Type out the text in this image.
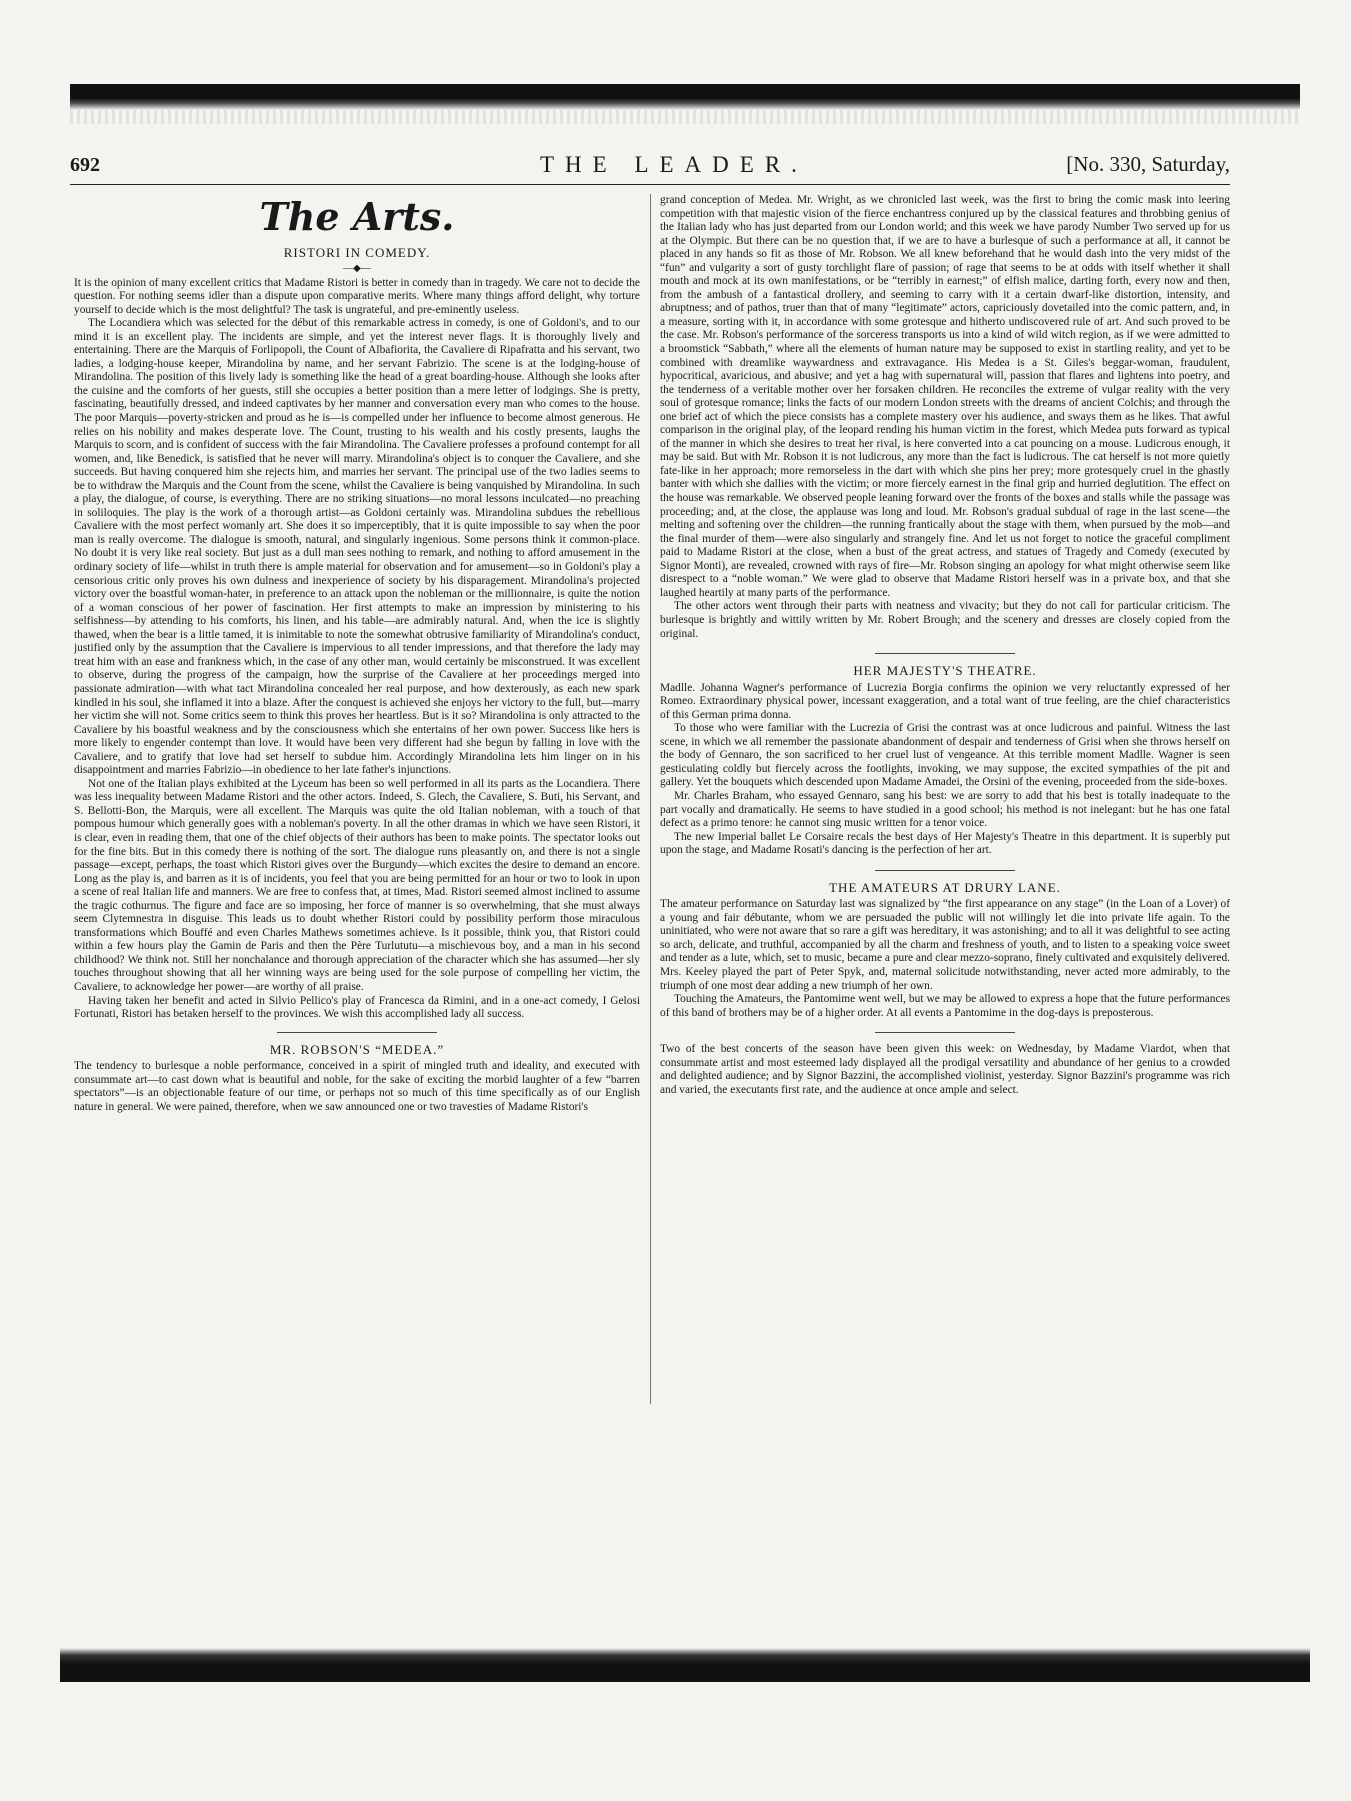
692	THE LEADER.	[No. 330, Saturday,
The Arts.
RISTORI IN COMEDY.
—◆—

It is the opinion of many excellent critics that Madame Ristori is better in comedy than in tragedy. We care not to decide the question. For nothing seems idler than a dispute upon comparative merits. Where many things afford delight, why torture yourself to decide which is the most delightful? The task is ungrateful, and pre-eminently useless.

The Locandiera which was selected for the début of this remarkable actress in comedy, is one of Goldoni's, and to our mind it is an excellent play. The incidents are simple, and yet the interest never flags. It is thoroughly lively and entertaining. There are the Marquis of Forlipopoli, the Count of Albafiorita, the Cavaliere di Ripafratta and his servant, two ladies, a lodging-house keeper, Mirandolina by name, and her servant Fabrizio. The scene is at the lodging-house of Mirandolina. The position of this lively lady is something like the head of a great boarding-house. Although she looks after the cuisine and the comforts of her guests, still she occupies a better position than a mere letter of lodgings. She is pretty, fascinating, beautifully dressed, and indeed captivates by her manner and conversation every man who comes to the house. The poor Marquis—poverty-stricken and proud as he is—is compelled under her influence to become almost generous. He relies on his nobility and makes desperate love. The Count, trusting to his wealth and his costly presents, laughs the Marquis to scorn, and is confident of success with the fair Mirandolina. The Cavaliere professes a profound contempt for all women, and, like Benedick, is satisfied that he never will marry. Mirandolina's object is to conquer the Cavaliere, and she succeeds. But having conquered him she rejects him, and marries her servant. The principal use of the two ladies seems to be to withdraw the Marquis and the Count from the scene, whilst the Cavaliere is being vanquished by Mirandolina. In such a play, the dialogue, of course, is everything. There are no striking situations—no moral lessons inculcated—no preaching in soliloquies. The play is the work of a thorough artist—as Goldoni certainly was. Mirandolina subdues the rebellious Cavaliere with the most perfect womanly art. She does it so imperceptibly, that it is quite impossible to say when the poor man is really overcome. The dialogue is smooth, natural, and singularly ingenious. Some persons think it common-place. No doubt it is very like real society. But just as a dull man sees nothing to remark, and nothing to afford amusement in the ordinary society of life—whilst in truth there is ample material for observation and for amusement—so in Goldoni's play a censorious critic only proves his own dulness and inexperience of society by his disparagement. Mirandolina's projected victory over the boastful woman-hater, in preference to an attack upon the nobleman or the millionnaire, is quite the notion of a woman conscious of her power of fascination. Her first attempts to make an impression by ministering to his selfishness—by attending to his comforts, his linen, and his table—are admirably natural. And, when the ice is slightly thawed, when the bear is a little tamed, it is inimitable to note the somewhat obtrusive familiarity of Mirandolina's conduct, justified only by the assumption that the Cavaliere is impervious to all tender impressions, and that therefore the lady may treat him with an ease and frankness which, in the case of any other man, would certainly be misconstrued. It was excellent to observe, during the progress of the campaign, how the surprise of the Cavaliere at her proceedings merged into passionate admiration—with what tact Mirandolina concealed her real purpose, and how dexterously, as each new spark kindled in his soul, she inflamed it into a blaze. After the conquest is achieved she enjoys her victory to the full, but—marry her victim she will not. Some critics seem to think this proves her heartless. But is it so? Mirandolina is only attracted to the Cavaliere by his boastful weakness and by the consciousness which she entertains of her own power. Success like hers is more likely to engender contempt than love. It would have been very different had she begun by falling in love with the Cavaliere, and to gratify that love had set herself to subdue him. Accordingly Mirandolina lets him linger on in his disappointment and marries Fabrizio—in obedience to her late father's injunctions.

Not one of the Italian plays exhibited at the Lyceum has been so well performed in all its parts as the Locandiera. There was less inequality between Madame Ristori and the other actors. Indeed, S. Glech, the Cavaliere, S. Buti, his Servant, and S. Bellotti-Bon, the Marquis, were all excellent. The Marquis was quite the old Italian nobleman, with a touch of that pompous humour which generally goes with a nobleman's poverty. In all the other dramas in which we have seen Ristori, it is clear, even in reading them, that one of the chief objects of their authors has been to make points. The spectator looks out for the fine bits. But in this comedy there is nothing of the sort. The dialogue runs pleasantly on, and there is not a single passage—except, perhaps, the toast which Ristori gives over the Burgundy—which excites the desire to demand an encore. Long as the play is, and barren as it is of incidents, you feel that you are being permitted for an hour or two to look in upon a scene of real Italian life and manners. We are free to confess that, at times, Mad. Ristori seemed almost inclined to assume the tragic cothurnus. The figure and face are so imposing, her force of manner is so overwhelming, that she must always seem Clytemnestra in disguise. This leads us to doubt whether Ristori could by possibility perform those miraculous transformations which Bouffé and even Charles Mathews sometimes achieve. Is it possible, think you, that Ristori could within a few hours play the Gamin de Paris and then the Père Turlututu—a mischievous boy, and a man in his second childhood? We think not. Still her nonchalance and thorough appreciation of the character which she has assumed—her sly touches throughout showing that all her winning ways are being used for the sole purpose of compelling her victim, the Cavaliere, to acknowledge her power—are worthy of all praise.

Having taken her benefit and acted in Silvio Pellico's play of Francesca da Rimini, and in a one-act comedy, I Gelosi Fortunati, Ristori has betaken herself to the provinces. We wish this accomplished lady all success.

MR. ROBSON'S “MEDEA.”

The tendency to burlesque a noble performance, conceived in a spirit of mingled truth and ideality, and executed with consummate art—to cast down what is beautiful and noble, for the sake of exciting the morbid laughter of a few “barren spectators”—is an objectionable feature of our time, or perhaps not so much of this time specifically as of our English nature in general. We were pained, therefore, when we saw announced one or two travesties of Madame Ristori's

grand conception of Medea. Mr. Wright, as we chronicled last week, was the first to bring the comic mask into leering competition with that majestic vision of the fierce enchantress conjured up by the classical features and throbbing genius of the Italian lady who has just departed from our London world; and this week we have parody Number Two served up for us at the Olympic. But there can be no question that, if we are to have a burlesque of such a performance at all, it cannot be placed in any hands so fit as those of Mr. Robson. We all knew beforehand that he would dash into the very midst of the “fun” and vulgarity a sort of gusty torchlight flare of passion; of rage that seems to be at odds with itself whether it shall mouth and mock at its own manifestations, or be “terribly in earnest;” of elfish malice, darting forth, every now and then, from the ambush of a fantastical drollery, and seeming to carry with it a certain dwarf-like distortion, intensity, and abruptness; and of pathos, truer than that of many “legitimate” actors, capriciously dovetailed into the comic pattern, and, in a measure, sorting with it, in accordance with some grotesque and hitherto undiscovered rule of art. And such proved to be the case. Mr. Robson's performance of the sorceress transports us into a kind of wild witch region, as if we were admitted to a broomstick “Sabbath,” where all the elements of human nature may be supposed to exist in startling reality, and yet to be combined with dreamlike waywardness and extravagance. His Medea is a St. Giles's beggar-woman, fraudulent, hypocritical, avaricious, and abusive; and yet a hag with supernatural will, passion that flares and lightens into poetry, and the tenderness of a veritable mother over her forsaken children. He reconciles the extreme of vulgar reality with the very soul of grotesque romance; links the facts of our modern London streets with the dreams of ancient Colchis; and through the one brief act of which the piece consists has a complete mastery over his audience, and sways them as he likes. That awful comparison in the original play, of the leopard rending his human victim in the forest, which Medea puts forward as typical of the manner in which she desires to treat her rival, is here converted into a cat pouncing on a mouse. Ludicrous enough, it may be said. But with Mr. Robson it is not ludicrous, any more than the fact is ludicrous. The cat herself is not more quietly fate-like in her approach; more remorseless in the dart with which she pins her prey; more grotesquely cruel in the ghastly banter with which she dallies with the victim; or more fiercely earnest in the final grip and hurried deglutition. The effect on the house was remarkable. We observed people leaning forward over the fronts of the boxes and stalls while the passage was proceeding; and, at the close, the applause was long and loud. Mr. Robson's gradual subdual of rage in the last scene—the melting and softening over the children—the running frantically about the stage with them, when pursued by the mob—and the final murder of them—were also singularly and strangely fine. And let us not forget to notice the graceful compliment paid to Madame Ristori at the close, when a bust of the great actress, and statues of Tragedy and Comedy (executed by Signor Monti), are revealed, crowned with rays of fire—Mr. Robson singing an apology for what might otherwise seem like disrespect to a “noble woman.” We were glad to observe that Madame Ristori herself was in a private box, and that she laughed heartily at many parts of the performance.

The other actors went through their parts with neatness and vivacity; but they do not call for particular criticism. The burlesque is brightly and wittily written by Mr. Robert Brough; and the scenery and dresses are closely copied from the original.

HER MAJESTY'S THEATRE.

Madlle. Johanna Wagner's performance of Lucrezia Borgia confirms the opinion we very reluctantly expressed of her Romeo. Extraordinary physical power, incessant exaggeration, and a total want of true feeling, are the chief characteristics of this German prima donna.

To those who were familiar with the Lucrezia of Grisi the contrast was at once ludicrous and painful. Witness the last scene, in which we all remember the passionate abandonment of despair and tenderness of Grisi when she throws herself on the body of Gennaro, the son sacrificed to her cruel lust of vengeance. At this terrible moment Madlle. Wagner is seen gesticulating coldly but fiercely across the footlights, invoking, we may suppose, the excited sympathies of the pit and gallery. Yet the bouquets which descended upon Madame Amadei, the Orsini of the evening, proceeded from the side-boxes.

Mr. Charles Braham, who essayed Gennaro, sang his best: we are sorry to add that his best is totally inadequate to the part vocally and dramatically. He seems to have studied in a good school; his method is not inelegant: but he has one fatal defect as a primo tenore: he cannot sing music written for a tenor voice.

The new Imperial ballet Le Corsaire recals the best days of Her Majesty's Theatre in this department. It is superbly put upon the stage, and Madame Rosati's dancing is the perfection of her art.

THE AMATEURS AT DRURY LANE.

The amateur performance on Saturday last was signalized by “the first appearance on any stage” (in the Loan of a Lover) of a young and fair débutante, whom we are persuaded the public will not willingly let die into private life again. To the uninitiated, who were not aware that so rare a gift was hereditary, it was astonishing; and to all it was delightful to see acting so arch, delicate, and truthful, accompanied by all the charm and freshness of youth, and to listen to a speaking voice sweet and tender as a lute, which, set to music, became a pure and clear mezzo-soprano, finely cultivated and exquisitely delivered. Mrs. Keeley played the part of Peter Spyk, and, maternal solicitude notwithstanding, never acted more admirably, to the triumph of one most dear adding a new triumph of her own.

Touching the Amateurs, the Pantomime went well, but we may be allowed to express a hope that the future performances of this band of brothers may be of a higher order. At all events a Pantomime in the dog-days is preposterous.

Two of the best concerts of the season have been given this week: on Wednesday, by Madame Viardot, when that consummate artist and most esteemed lady displayed all the prodigal versatility and abundance of her genius to a crowded and delighted audience; and by Signor Bazzini, the accomplished violinist, yesterday. Signor Bazzini's programme was rich and varied, the executants first rate, and the audience at once ample and select.
